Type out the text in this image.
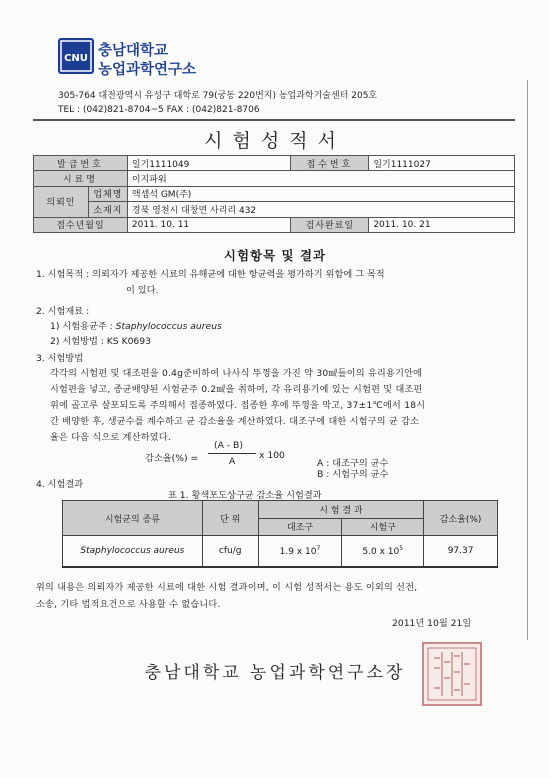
CNU 충남대학교
농업과학연구소
305-764 대전광역시 유성구 대학로 79(궁동 220번지) 농업과학기술센터 205호
TEL : (042)821-8704~5 FAX : (042)821-8706
시험성적서
발급번호		일기1111049	접수번호	일기1111027
시료명		이지파워		
의뢰인	업체명	액셈석 GM(주)		
	소재지	경북 영천시 대창면 사리리 432		
접수년월일		2011. 10. 11	검사완료일	2011. 10. 21
시험항목 및 결과
1. 시험목적 : 의뢰자가 제공한 시료의 유해균에 대한 항균력을 평가하기 위함에 그 목적
이 있다.
2. 시험재료 :
1) 시험용균주 : Staphylococcus aureus
2) 시험방법 : KS K0693
3. 시험방법
각각의 시험편 및 대조편을 0.4g준비하여 나사식 뚜껑을 가진 약 30㎖들이의 유리용기안에
시험편을 넣고, 종균배양된 시험균주 0.2㎖을 취하여, 각 유리용기에 있는 시험편 및 대조편
위에 골고루 살포되도록 주의해서 접종하였다. 접종한 후에 뚜껑을 막고, 37±1℃에서 18시
간 배양한 후, 생균수를 계수하고 균 감소율을 계산하였다. 대조구에 대한 시험구의 균 감소
율은 다음 식으로 계산하였다.
감소율(%) =
(A - B)
A
x 100
A : 대조구의 균수
B : 시험구의 균수
4. 시험결과
표 1. 황색포도상구균 감소율 시험결과
시험균의 종류	단 위	시 험 결 과		감소율(%)
		대조구	시험구	
Staphylococcus aureus	cfu/g	1.9 x $10^7$	5.0 x $10^5$	97.37
위의 내용은 의뢰자가 제공한 시료에 대한 시험 결과이며, 이 시험 성적서는 용도 이외의 선전,
소송, 기타 법적요건으로 사용할 수 없습니다.
2011년 10월 21일
충남대학교 농업과학연구소장
